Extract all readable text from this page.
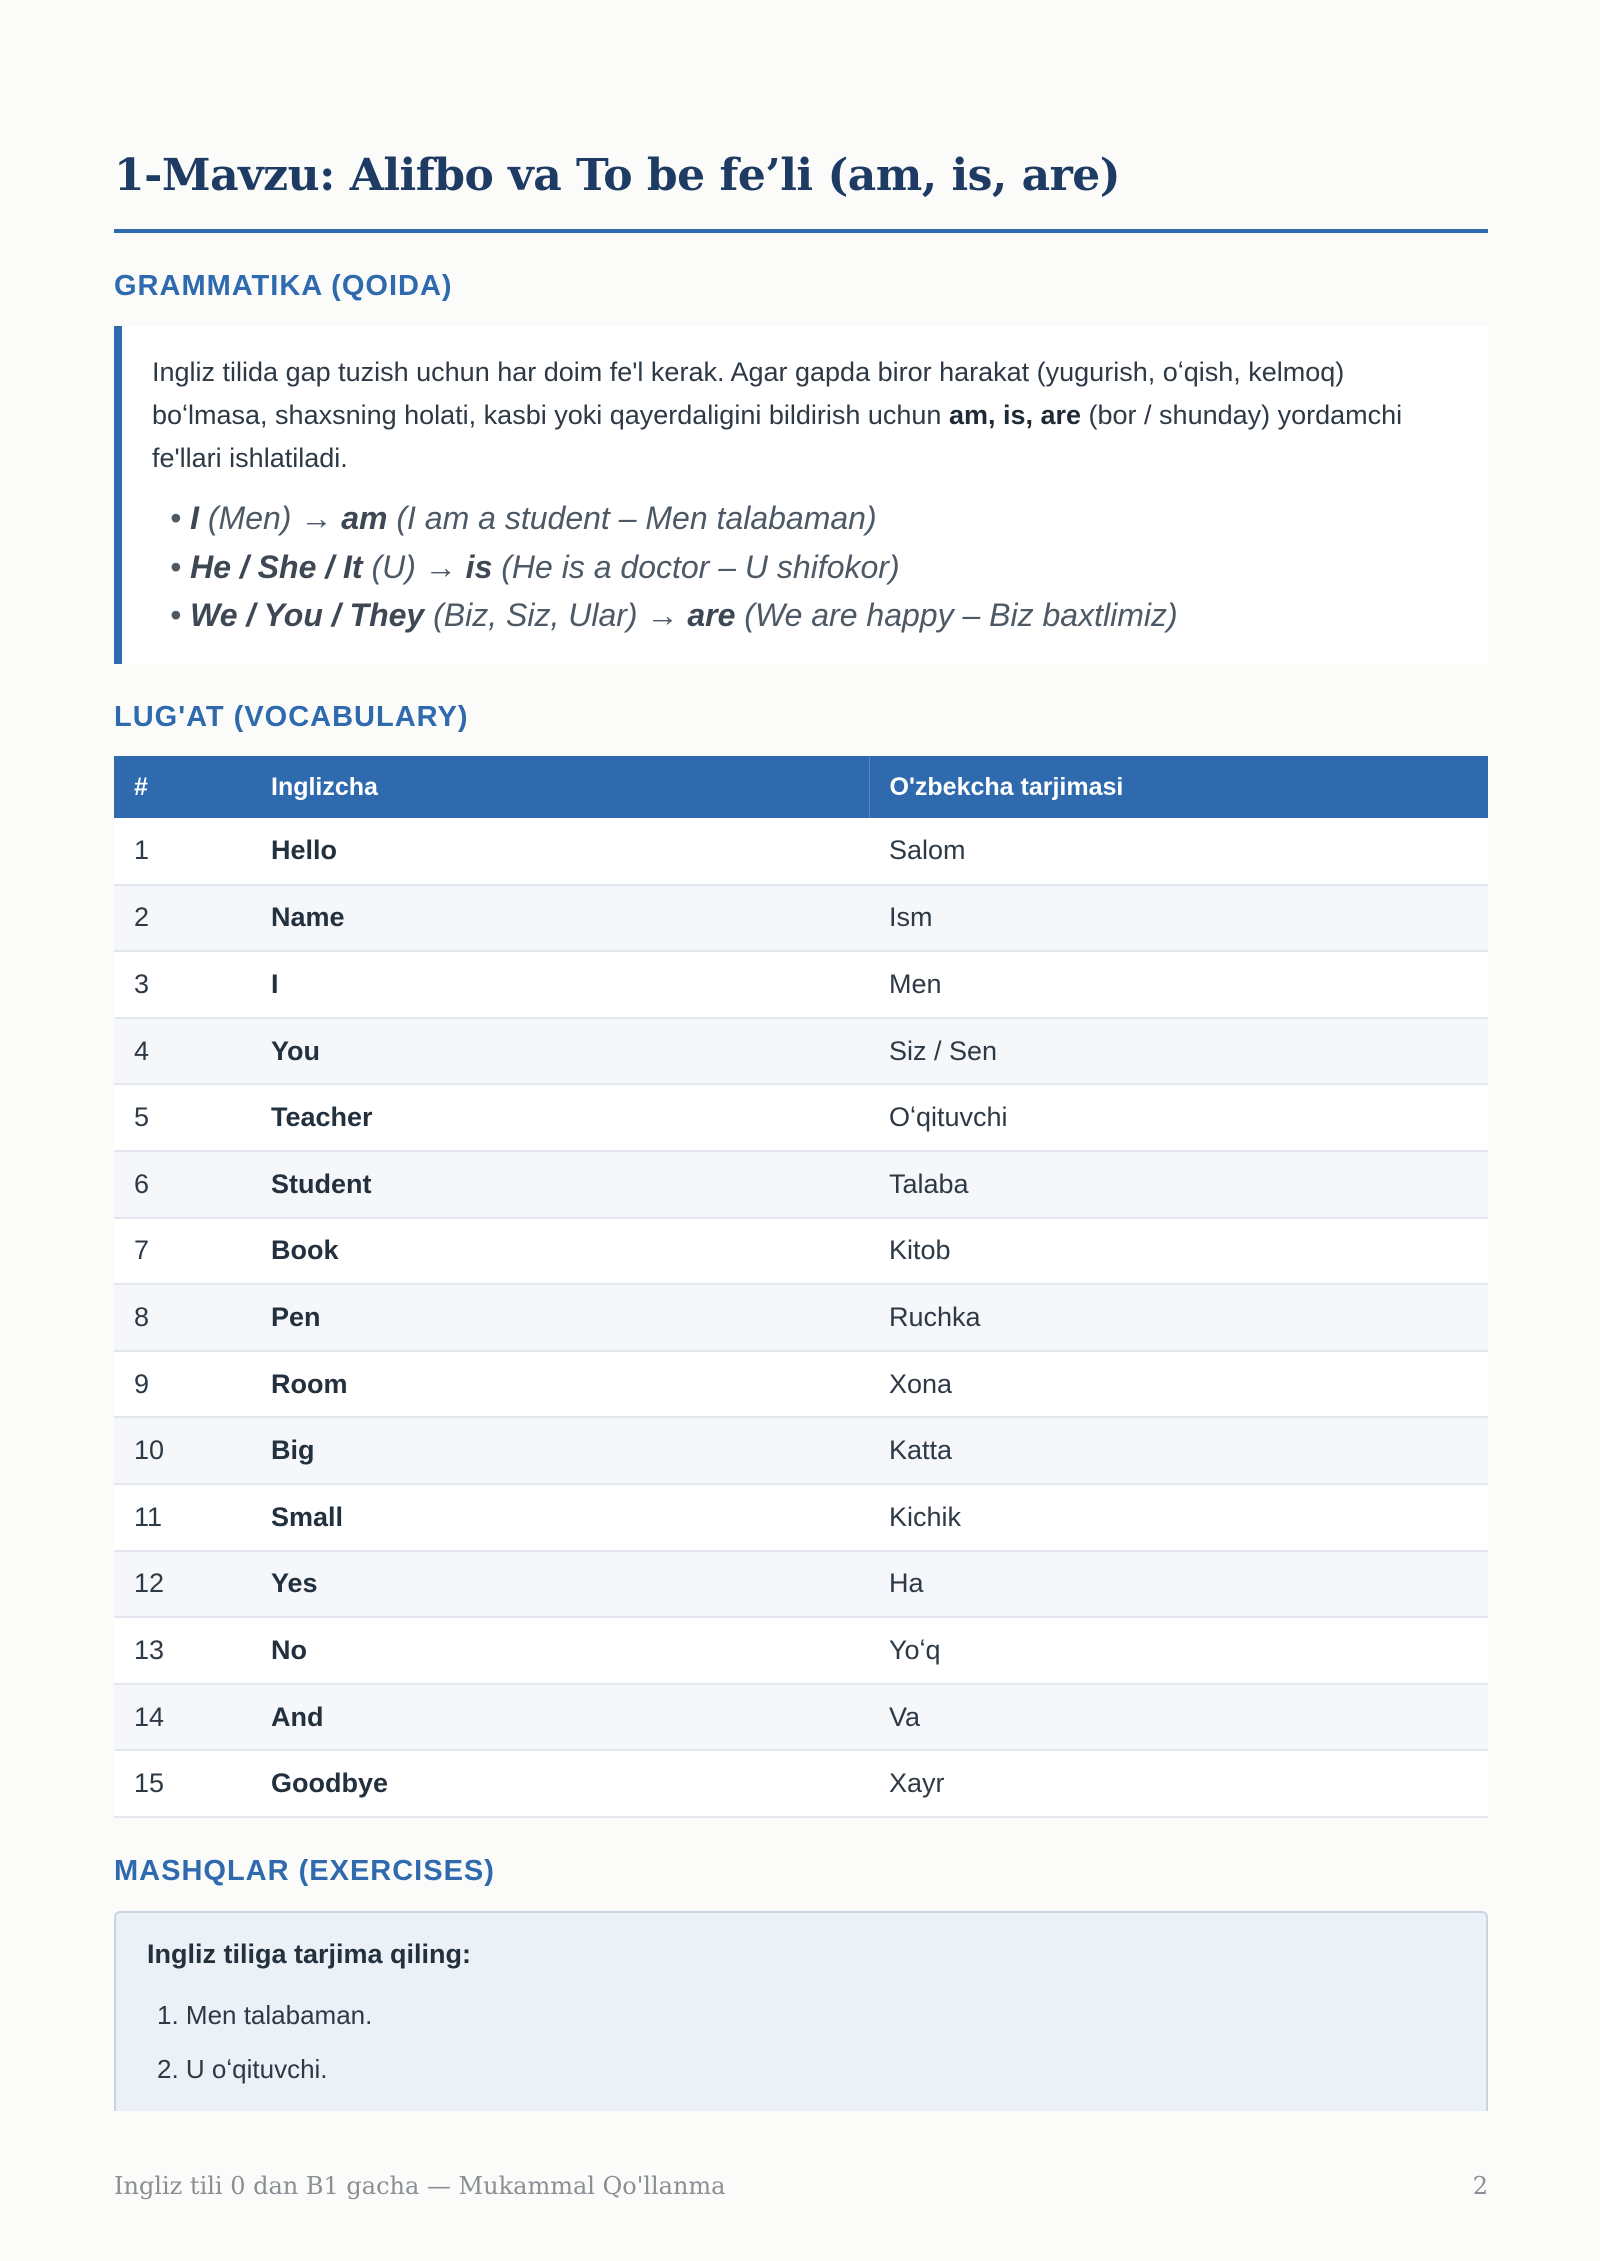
1-Mavzu: Alifbo va To be fe’li (am, is, are)
GRAMMATIKA (QOIDA)

Ingliz tilida gap tuzish uchun har doim fe'l kerak. Agar gapda biror harakat (yugurish, oʻqish, kelmoq) boʻlmasa, shaxsning holati, kasbi yoki qayerdaligini bildirish uchun am, is, are (bor / shunday) yordamchi fe'llari ishlatiladi.

• I (Men) → am (I am a student – Men talabaman)
• He / She / It (U) → is (He is a doctor – U shifokor)
• We / You / They (Biz, Siz, Ular) → are (We are happy – Biz baxtlimiz)
LUG'AT (VOCABULARY)
#	Inglizcha	O'zbekcha tarjimasi
1	Hello	Salom
2	Name	Ism
3	I	Men
4	You	Siz / Sen
5	Teacher	Oʻqituvchi
6	Student	Talaba
7	Book	Kitob
8	Pen	Ruchka
9	Room	Xona
10	Big	Katta
11	Small	Kichik
12	Yes	Ha
13	No	Yoʻq
14	And	Va
15	Goodbye	Xayr
MASHQLAR (EXERCISES)
Ingliz tiliga tarjima qiling:
1. Men talabaman.
2. U oʻqituvchi.
Ingliz tili 0 dan B1 gacha — Mukammal Qo'llanma	2
